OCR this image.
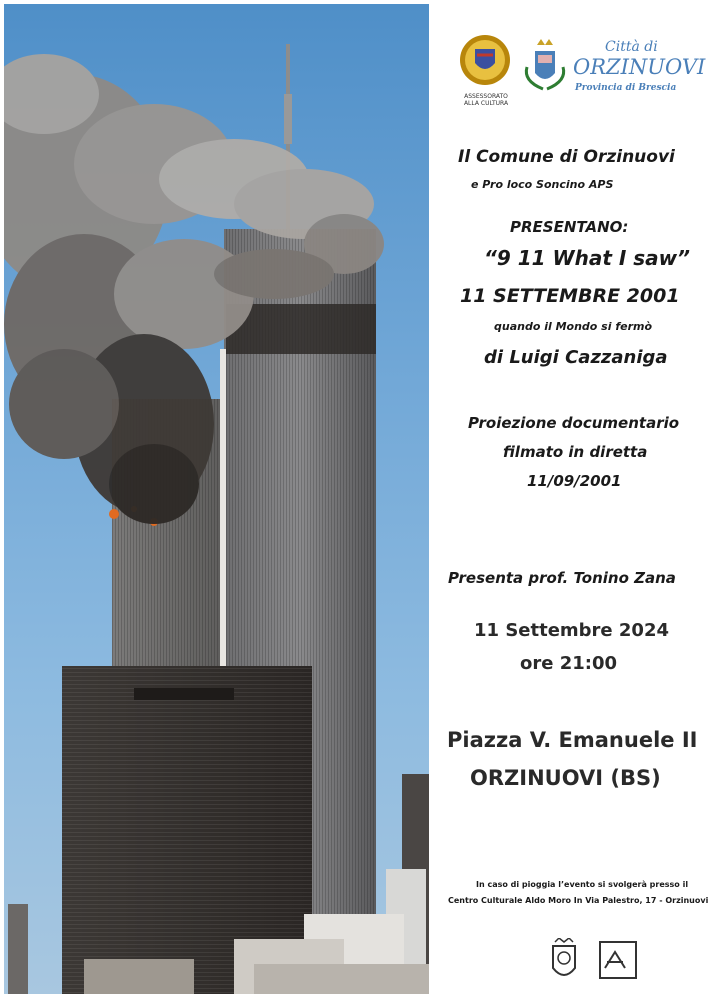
ASSESSORATO ALLA CULTURA
Città di
ORZINUOVI
Provincia di Brescia

Il Comune di Orzinuovi

e Pro loco Soncino APS

PRESENTANO:

“9 11 What I saw”

11 SETTEMBRE 2001

quando il Mondo si fermò

di Luigi Cazzaniga

Proiezione documentario

filmato in diretta

11/09/2001

Presenta prof. Tonino Zana

11 Settembre 2024

ore 21:00

Piazza V. Emanuele II

ORZINUOVI (BS)

In caso di pioggia l’evento si svolgerà presso il

Centro Culturale Aldo Moro In Via Palestro, 17 - Orzinuovi
